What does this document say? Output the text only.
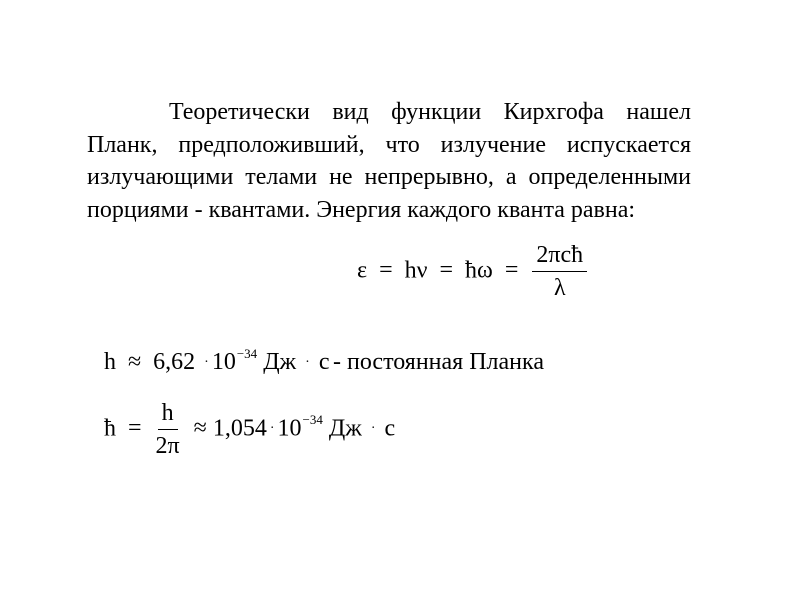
Теоретически вид функции Кирхгофа нашел Планк, предположивший, что излучение испускается излучающими телами не непрерывно, а определенными порциями - квантами. Энергия каждого кванта равна:

ε = hν = ħω = $\frac{\text{2πcħ}}{\lambda}$
$h \approx 6,62 \cdot 10^{-34}$ Дж · с - постоянная Планка
ħ = $\frac{h}{2\pi} \approx 1,054 \cdot 10^{-34}$ Дж · с
